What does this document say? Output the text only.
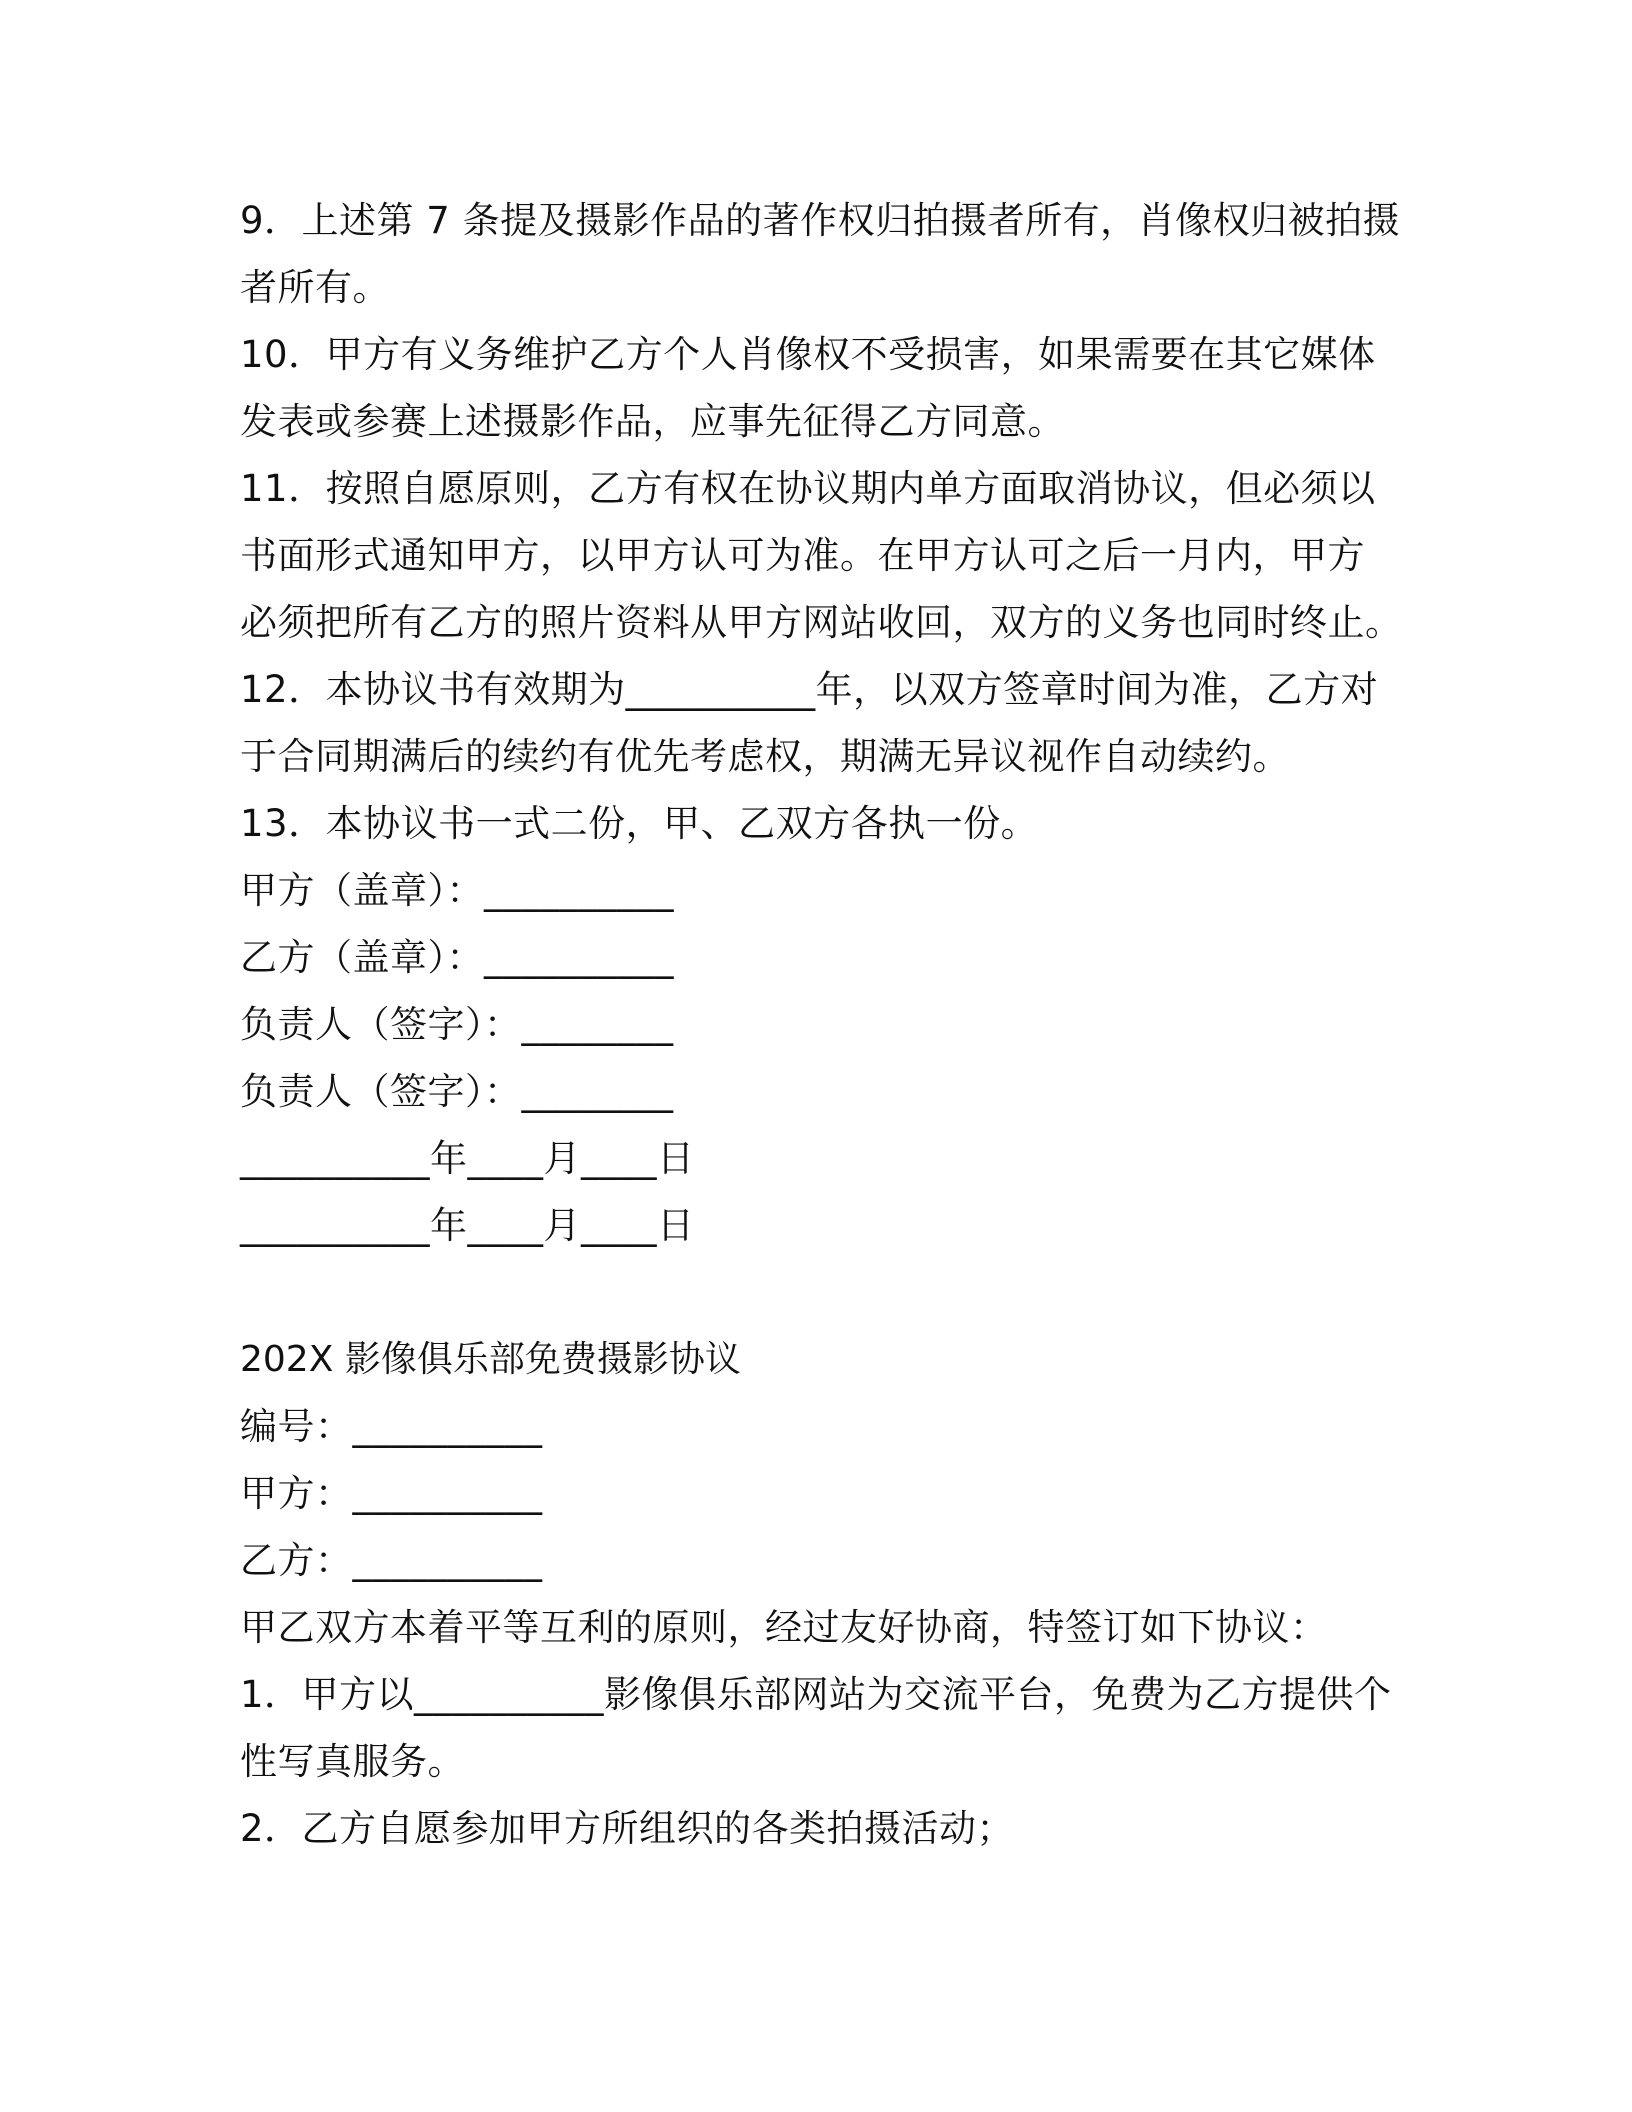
9．上述第 7 条提及摄影作品的著作权归拍摄者所有，肖像权归被拍摄
者所有。
10．甲方有义务维护乙方个人肖像权不受损害，如果需要在其它媒体
发表或参赛上述摄影作品，应事先征得乙方同意。
11．按照自愿原则，乙方有权在协议期内单方面取消协议，但必须以
书面形式通知甲方，以甲方认可为准。在甲方认可之后一月内，甲方
必须把所有乙方的照片资料从甲方网站收回，双方的义务也同时终止。
12．本协议书有效期为__________年，以双方签章时间为准，乙方对
于合同期满后的续约有优先考虑权，期满无异议视作自动续约。
13．本协议书一式二份，甲、乙双方各执一份。
甲方（盖章）：__________
乙方（盖章）：__________
负责人（签字）：________
负责人（签字）：________
__________年____月____日
__________年____月____日
202X 影像俱乐部免费摄影协议
编号：__________
甲方：__________
乙方：__________
甲乙双方本着平等互利的原则，经过友好协商，特签订如下协议：
1．甲方以__________影像俱乐部网站为交流平台，免费为乙方提供个
性写真服务。
2．乙方自愿参加甲方所组织的各类拍摄活动；
